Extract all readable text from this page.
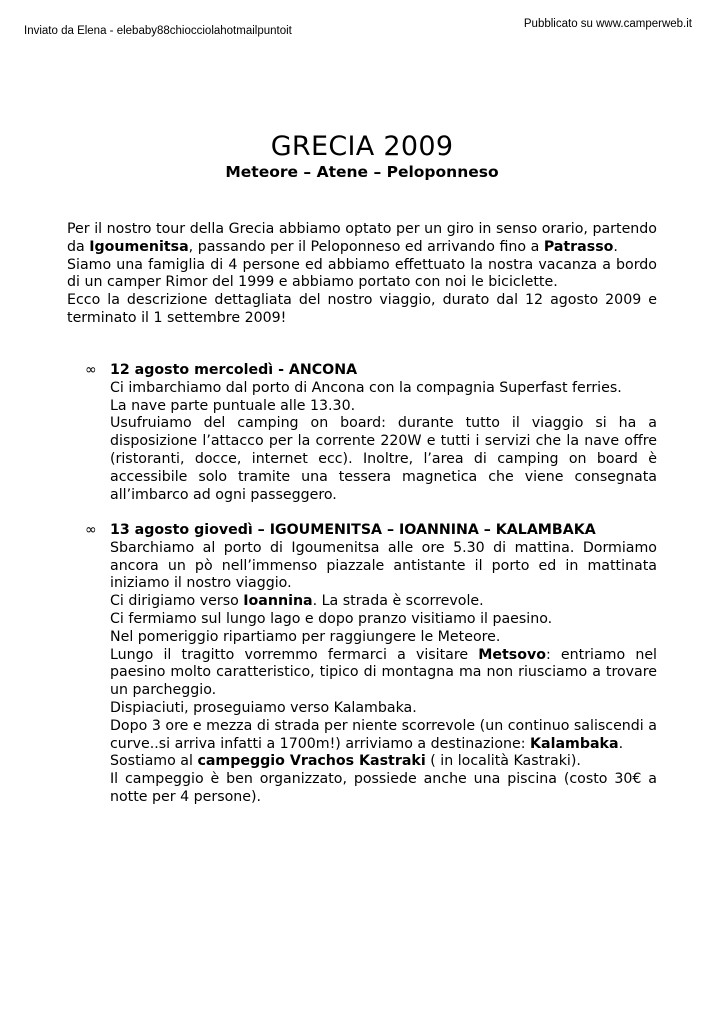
Inviato da Elena - elebaby88chiocciolahotmailpuntoit
Pubblicato su www.camperweb.it
GRECIA 2009
Meteore – Atene – Peloponneso

Per il nostro tour della Grecia abbiamo optato per un giro in senso orario, partendo da Igoumenitsa, passando per il Peloponneso ed arrivando fino a Patrasso.

Siamo una famiglia di 4 persone ed abbiamo effettuato la nostra vacanza a bordo di un camper Rimor del 1999 e abbiamo portato con noi le biciclette.

Ecco la descrizione dettagliata del nostro viaggio, durato dal 12 agosto 2009 e terminato il 1 settembre 2009!

∞ 12 agosto mercoledì - ANCONA

Ci imbarchiamo dal porto di Ancona con la compagnia Superfast ferries.

La nave parte puntuale alle 13.30.

Usufruiamo del camping on board: durante tutto il viaggio si ha a disposizione l’attacco per la corrente 220W e tutti i servizi che la nave offre (ristoranti, docce, internet ecc). Inoltre, l’area di camping on board è accessibile solo tramite una tessera magnetica che viene consegnata all’imbarco ad ogni passeggero.

∞ 13 agosto giovedì – IGOUMENITSA – IOANNINA – KALAMBAKA

Sbarchiamo al porto di Igoumenitsa alle ore 5.30 di mattina. Dormiamo ancora un pò nell’immenso piazzale antistante il porto ed in mattinata iniziamo il nostro viaggio.

Ci dirigiamo verso Ioannina. La strada è scorrevole.

Ci fermiamo sul lungo lago e dopo pranzo visitiamo il paesino.

Nel pomeriggio ripartiamo per raggiungere le Meteore.

Lungo il tragitto vorremmo fermarci a visitare Metsovo: entriamo nel paesino molto caratteristico, tipico di montagna ma non riusciamo a trovare un parcheggio.

Dispiaciuti, proseguiamo verso Kalambaka.

Dopo 3 ore e mezza di strada per niente scorrevole (un continuo saliscendi a curve..si arriva infatti a 1700m!) arriviamo a destinazione: Kalambaka.

Sostiamo al campeggio Vrachos Kastraki ( in località Kastraki).

Il campeggio è ben organizzato, possiede anche una piscina (costo 30€ a notte per 4 persone).
